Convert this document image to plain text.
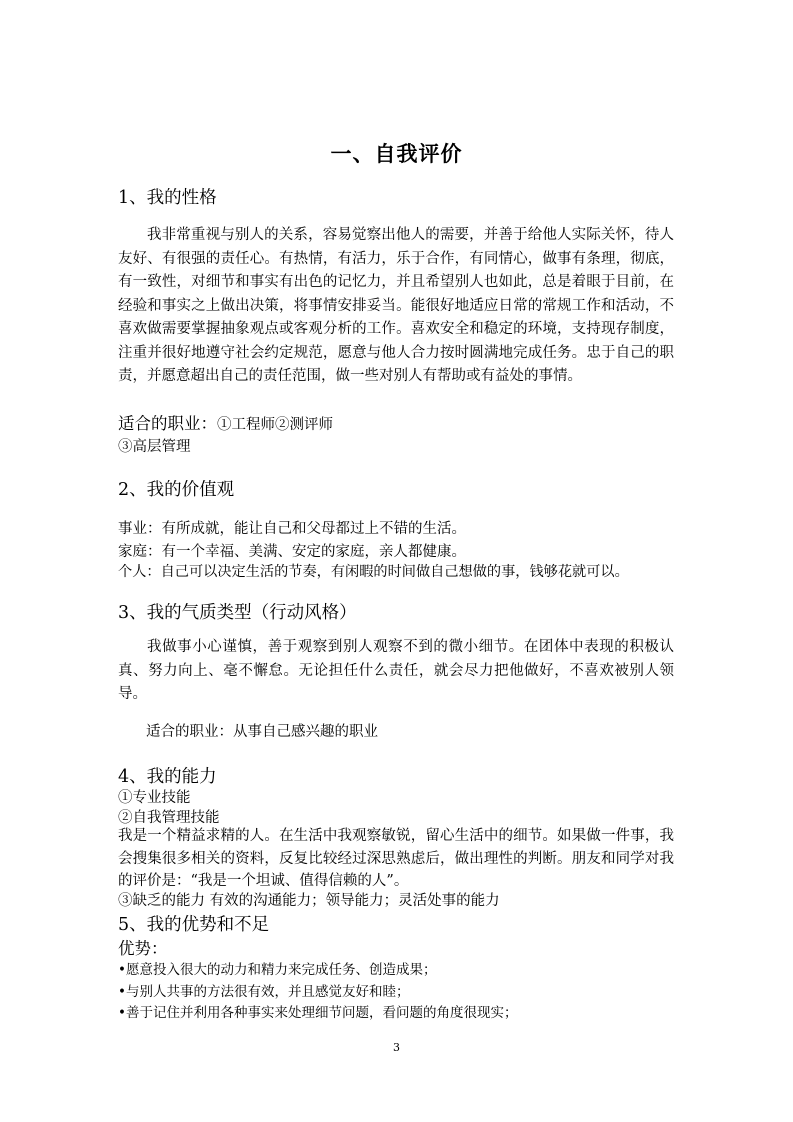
一、自我评价
1、我的性格
我非常重视与别人的关系，容易觉察出他人的需要，并善于给他人实际关怀，待人友好、有很强的责任心。有热情，有活力，乐于合作，有同情心，做事有条理，彻底，有一致性，对细节和事实有出色的记忆力，并且希望别人也如此，总是着眼于目前，在经验和事实之上做出决策，将事情安排妥当。能很好地适应日常的常规工作和活动，不喜欢做需要掌握抽象观点或客观分析的工作。喜欢安全和稳定的环境，支持现存制度，注重并很好地遵守社会约定规范，愿意与他人合力按时圆满地完成任务。忠于自己的职责，并愿意超出自己的责任范围，做一些对别人有帮助或有益处的事情。
适合的职业：①工程师②测评师
③高层管理
2、我的价值观
事业：有所成就，能让自己和父母都过上不错的生活。
家庭：有一个幸福、美满、安定的家庭，亲人都健康。
个人：自己可以决定生活的节奏，有闲暇的时间做自己想做的事，钱够花就可以。
3、我的气质类型（行动风格）
我做事小心谨慎，善于观察到别人观察不到的微小细节。在团体中表现的积极认真、努力向上、毫不懈怠。无论担任什么责任，就会尽力把他做好，不喜欢被别人领导。
适合的职业：从事自己感兴趣的职业
4、我的能力
①专业技能
②自我管理技能
我是一个精益求精的人。在生活中我观察敏锐，留心生活中的细节。如果做一件事，我会搜集很多相关的资料，反复比较经过深思熟虑后，做出理性的判断。朋友和同学对我的评价是：“我是一个坦诚、值得信赖的人”。
③缺乏的能力 有效的沟通能力；领导能力；灵活处事的能力
5、我的优势和不足
优势：
•愿意投入很大的动力和精力来完成任务、创造成果；
•与别人共事的方法很有效，并且感觉友好和睦；
•善于记住并利用各种事实来处理细节问题，看问题的角度很现实；
3
